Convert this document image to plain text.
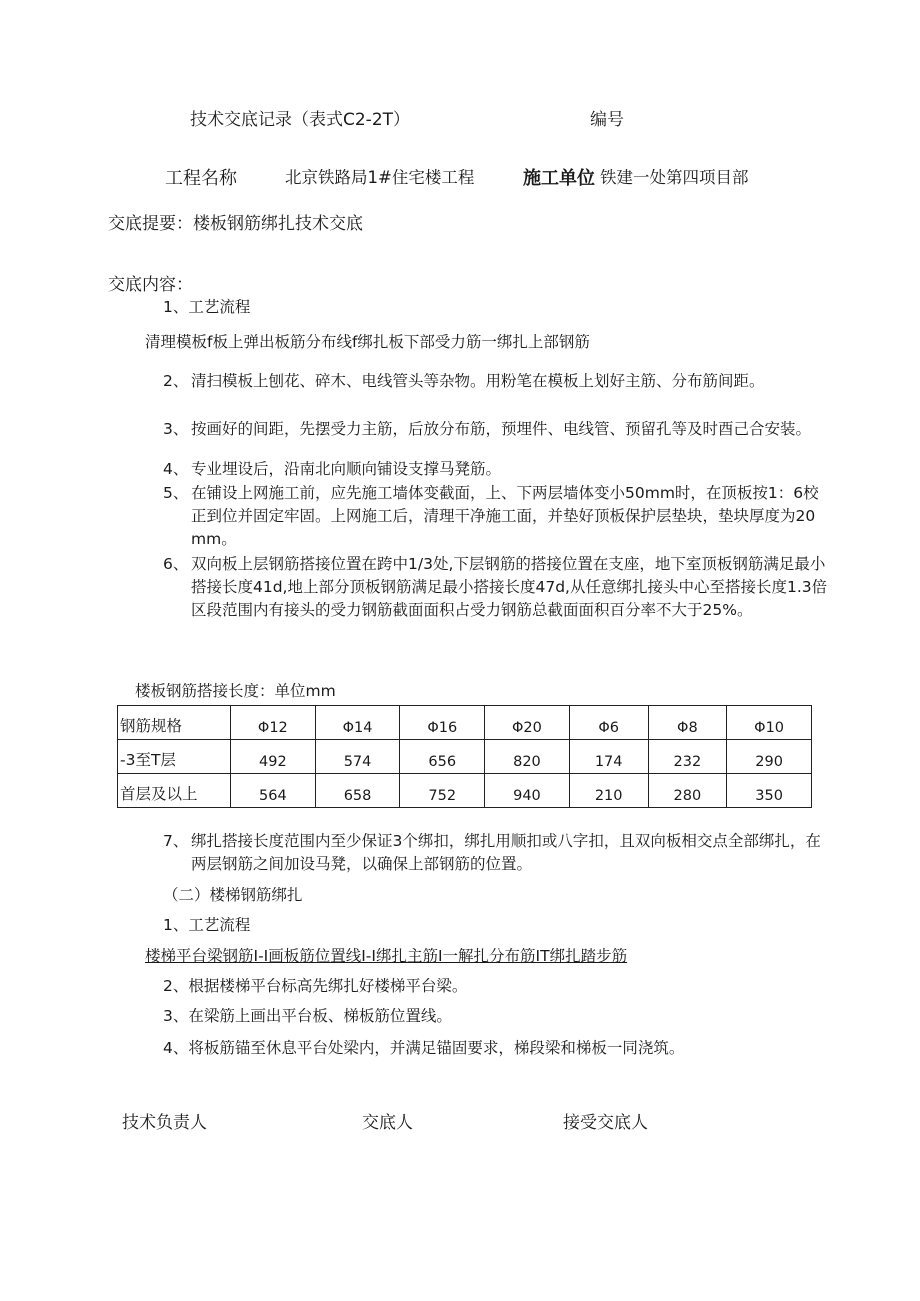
技术交底记录（表式C2-2T）	编号
工程名称	北京铁路局1#住宅楼工程	施工单位 铁建一处第四项目部
交底提要：楼板钢筋绑扎技术交底
交底内容：
1、工艺流程
清理模板f板上弹出板筋分布线f绑扎板下部受力筋一绑扎上部钢筋
2、 清扫模板上刨花、碎木、电线管头等杂物。用粉笔在模板上划好主筋、分布筋间距。
3、 按画好的间距，先摆受力主筋，后放分布筋，预埋件、电线管、预留孔等及时酉己合安装。
4、 专业埋设后，沿南北向顺向铺设支撑马凳筋。
5、 在铺设上网施工前，应先施工墙体变截面，上、下两层墙体变小50mm时，在顶板按1：6校正到位并固定牢固。上网施工后，清理干净施工面，并垫好顶板保护层垫块，垫块厚度为20mm。
6、 双向板上层钢筋搭接位置在跨中1/3处,下层钢筋的搭接位置在支座，地下室顶板钢筋满足最小搭接长度41d,地上部分顶板钢筋满足最小搭接长度47d,从任意绑扎接头中心至搭接长度1.3倍区段范围内有接头的受力钢筋截面面积占受力钢筋总截面面积百分率不大于25%。
楼板钢筋搭接长度：单位mm
钢筋规格	Φ12	Φ14	Φ16	Φ20	Φ6	Φ8	Φ10
-3至T层	492	574	656	820	174	232	290
首层及以上	564	658	752	940	210	280	350
7、 绑扎搭接长度范围内至少保证3个绑扣，绑扎用顺扣或八字扣，且双向板相交点全部绑扎，在两层钢筋之间加设马凳，以确保上部钢筋的位置。
（二）楼梯钢筋绑扎
1、工艺流程
楼梯平台梁钢筋I-I画板筋位置线I-I绑扎主筋I一解扎分布筋IT绑扎踏步筋
2、根据楼梯平台标高先绑扎好楼梯平台梁。
3、在梁筋上画出平台板、梯板筋位置线。
4、将板筋锚至休息平台处梁内，并满足锚固要求，梯段梁和梯板一同浇筑。
技术负责人	交底人	接受交底人
